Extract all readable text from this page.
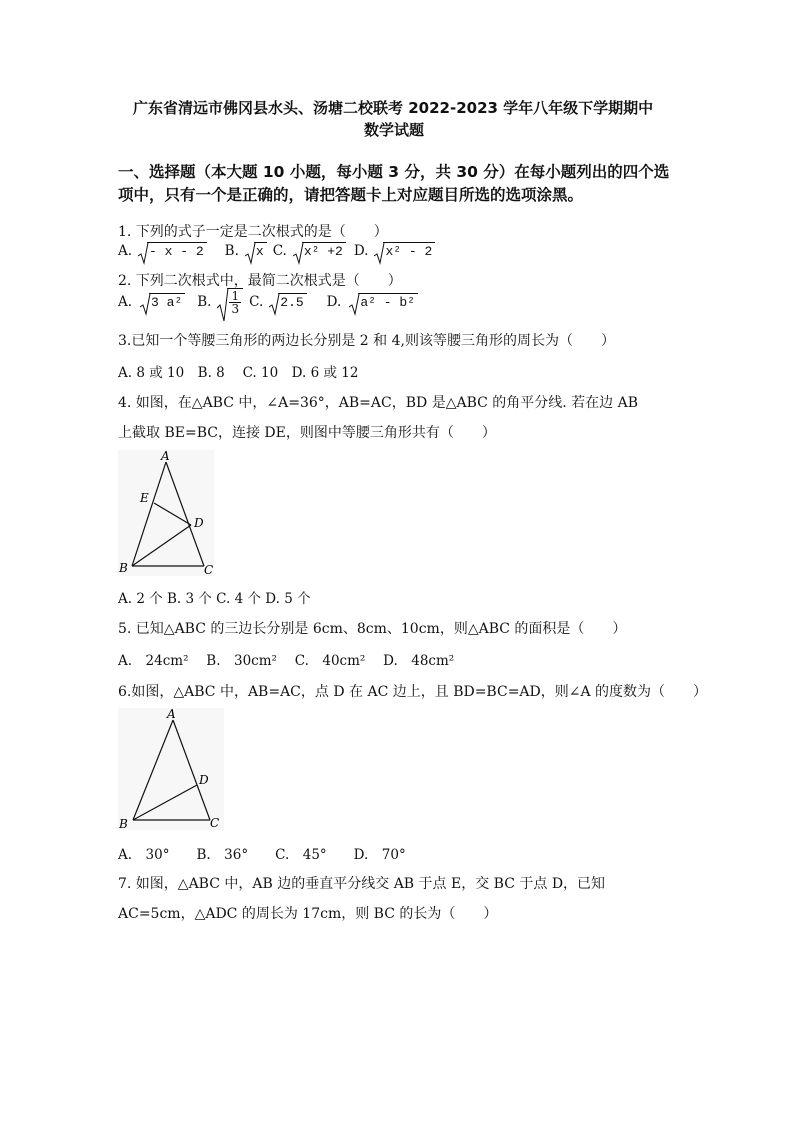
广东省清远市佛冈县水头、汤塘二校联考 2022-2023 学年八年级下学期期中
数学试题
一、选择题（本大题 10 小题，每小题 3 分，共 30 分）在每小题列出的四个选
项中，只有一个是正确的，请把答题卡上对应题目所选的选项涂黑。
1. 下列的式子一定是二次根式的是（　　）
A.	- x - 2 B.	x C.	x² +2 D.	x² - 2
2. 下列二次根式中，最简二次根式是（　　）
A.	3 a² B. $\frac{1}{3} C$.	2.5 D.	a² - b²
3.已知一个等腰三角形的两边长分别是 2 和 4,则该等腰三角形的周长为（　　）
A. 8 或 10　B. 8　 C. 10　D. 6 或 12
4. 如图，在△ABC 中，∠A=36°，AB=AC，BD 是△ABC 的角平分线. 若在边 AB
上截取 BE=BC，连接 DE，则图中等腰三角形共有（　　）
A
E
D
B	C
A. 2 个 B. 3 个 C. 4 个 D. 5 个
5. 已知△ABC 的三边长分别是 6cm、8cm、10cm，则△ABC 的面积是（　　）
A.　24cm²　 B.　30cm²　 C.　40cm²　 D.　48cm²
6.如图，△ABC 中，AB=AC，点 D 在 AC 边上，且 BD=BC=AD，则∠A 的度数为（　　）
A
D
B	C
A.　30°　　B.　36°　　C.　45°　　D.　70°
7. 如图，△ABC 中，AB 边的垂直平分线交 AB 于点 E，交 BC 于点 D，已知
AC=5cm，△ADC 的周长为 17cm，则 BC 的长为（　　）
